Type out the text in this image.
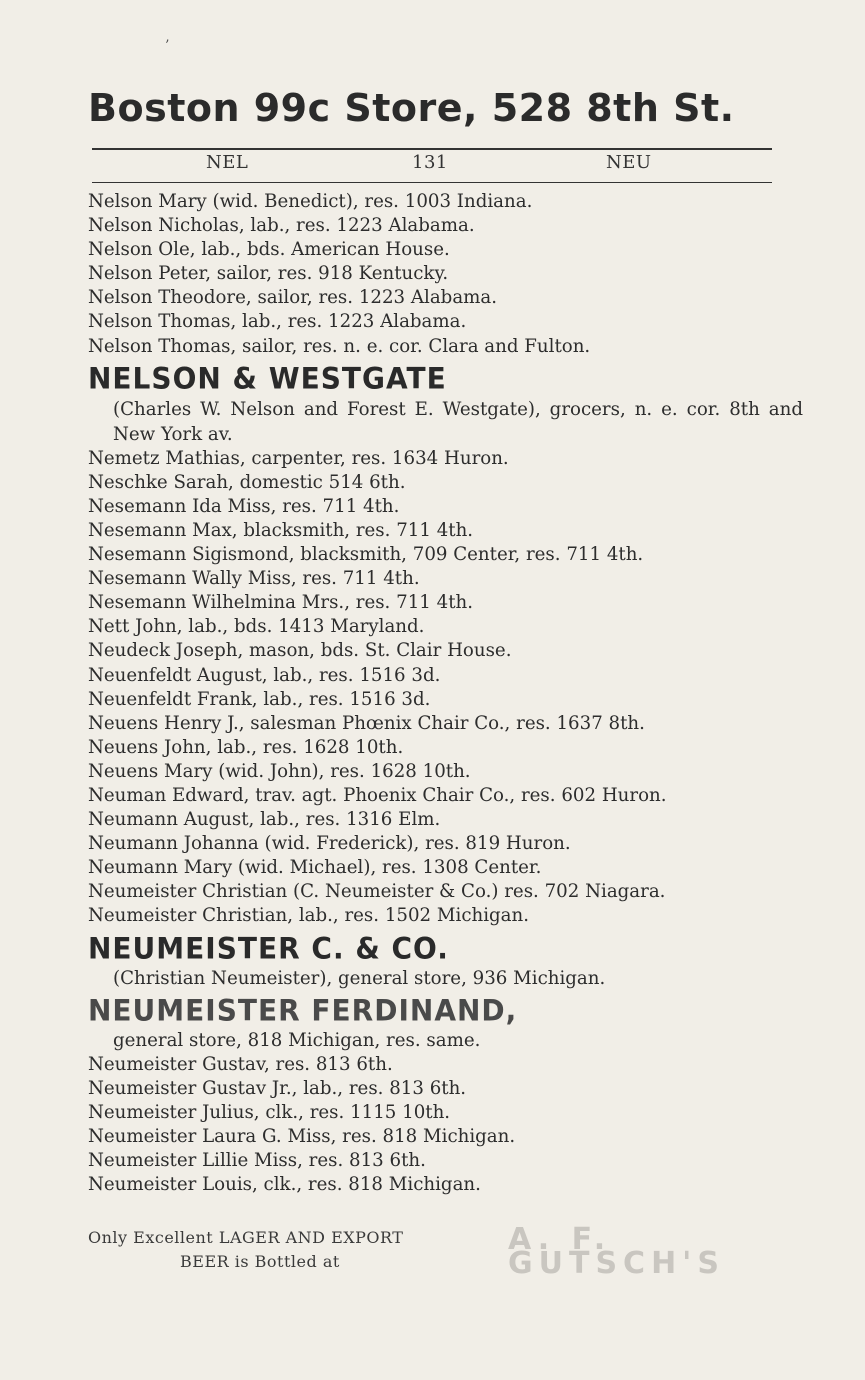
’
Boston 99c Store, 528 8th St.
NEL	131	NEU
Nelson Mary (wid. Benedict), res. 1003 Indiana.
Nelson Nicholas, lab., res. 1223 Alabama.
Nelson Ole, lab., bds. American House.
Nelson Peter, sailor, res. 918 Kentucky.
Nelson Theodore, sailor, res. 1223 Alabama.
Nelson Thomas, lab., res. 1223 Alabama.
Nelson Thomas, sailor, res. n. e. cor. Clara and Fulton.
NELSON & WESTGATE
(Charles W. Nelson and Forest E. Westgate), grocers, n. e. cor. 8th and New York av.
Nemetz Mathias, carpenter, res. 1634 Huron.
Neschke Sarah, domestic 514 6th.
Nesemann Ida Miss, res. 711 4th.
Nesemann Max, blacksmith, res. 711 4th.
Nesemann Sigismond, blacksmith, 709 Center, res. 711 4th.
Nesemann Wally Miss, res. 711 4th.
Nesemann Wilhelmina Mrs., res. 711 4th.
Nett John, lab., bds. 1413 Maryland.
Neudeck Joseph, mason, bds. St. Clair House.
Neuenfeldt August, lab., res. 1516 3d.
Neuenfeldt Frank, lab., res. 1516 3d.
Neuens Henry J., salesman Phœnix Chair Co., res. 1637 8th.
Neuens John, lab., res. 1628 10th.
Neuens Mary (wid. John), res. 1628 10th.
Neuman Edward, trav. agt. Phoenix Chair Co., res. 602 Huron.
Neumann August, lab., res. 1316 Elm.
Neumann Johanna (wid. Frederick), res. 819 Huron.
Neumann Mary (wid. Michael), res. 1308 Center.
Neumeister Christian (C. Neumeister & Co.) res. 702 Niagara.
Neumeister Christian, lab., res. 1502 Michigan.
NEUMEISTER C. & CO.
(Christian Neumeister), general store, 936 Michigan.
NEUMEISTER FERDINAND,
general store, 818 Michigan, res. same.
Neumeister Gustav, res. 813 6th.
Neumeister Gustav Jr., lab., res. 813 6th.
Neumeister Julius, clk., res. 1115 10th.
Neumeister Laura G. Miss, res. 818 Michigan.
Neumeister Lillie Miss, res. 813 6th.
Neumeister Louis, clk., res. 818 Michigan.
Only Excellent LAGER AND EXPORT
BEER is Bottled at
A. F. GUTSCH'S
